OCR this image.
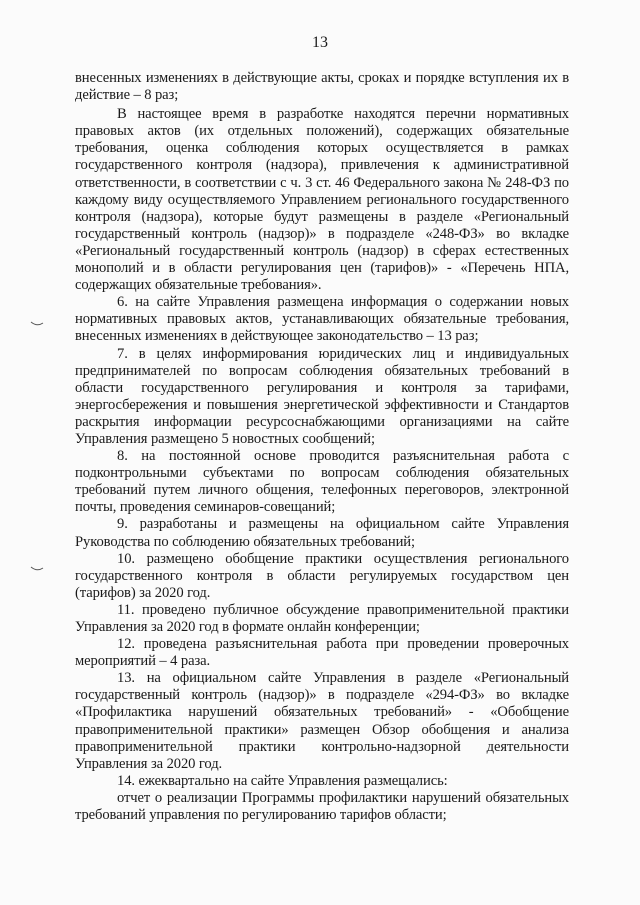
13

внесенных изменениях в действующие акты, сроках и порядке вступления их в действие – 8 раз;

В настоящее время в разработке находятся перечни нормативных правовых актов (их отдельных положений), содержащих обязательные требования, оценка соблюдения которых осуществляется в рамках государственного контроля (надзора), привлечения к административной ответственности, в соответствии с ч. 3 ст. 46 Федерального закона № 248-ФЗ по каждому виду осуществляемого Управлением регионального государственного контроля (надзора), которые будут размещены в разделе «Региональный государственный контроль (надзор)» в подразделе «248-ФЗ» во вкладке «Региональный государственный контроль (надзор) в сферах естественных монополий и в области регулирования цен (тарифов)» - «Перечень НПА, содержащих обязательные требования».

6. на сайте Управления размещена информация о содержании новых нормативных правовых актов, устанавливающих обязательные требования, внесенных изменениях в действующее законодательство – 13 раз;

7. в целях информирования юридических лиц и индивидуальных предпринимателей по вопросам соблюдения обязательных требований в области государственного регулирования и контроля за тарифами, энергосбережения и повышения энергетической эффективности и Стандартов раскрытия информации ресурсоснабжающими организациями на сайте Управления размещено 5 новостных сообщений;

8. на постоянной основе проводится разъяснительная работа с подконтрольными субъектами по вопросам соблюдения обязательных требований путем личного общения, телефонных переговоров, электронной почты, проведения семинаров-совещаний;

9. разработаны и размещены на официальном сайте Управления Руководства по соблюдению обязательных требований;

10. размещено обобщение практики осуществления регионального государственного контроля в области регулируемых государством цен (тарифов) за 2020 год.

11. проведено публичное обсуждение правоприменительной практики Управления за 2020 год в формате онлайн конференции;

12. проведена разъяснительная работа при проведении проверочных мероприятий – 4 раза.

13. на официальном сайте Управления в разделе «Региональный государственный контроль (надзор)» в подразделе «294-ФЗ» во вкладке «Профилактика нарушений обязательных требований» - «Обобщение правоприменительной практики» размещен Обзор обобщения и анализа правоприменительной практики контрольно-надзорной деятельности Управления за 2020 год.

14. ежеквартально на сайте Управления размещались:

отчет о реализации Программы профилактики нарушений обязательных требований управления по регулированию тарифов области;
